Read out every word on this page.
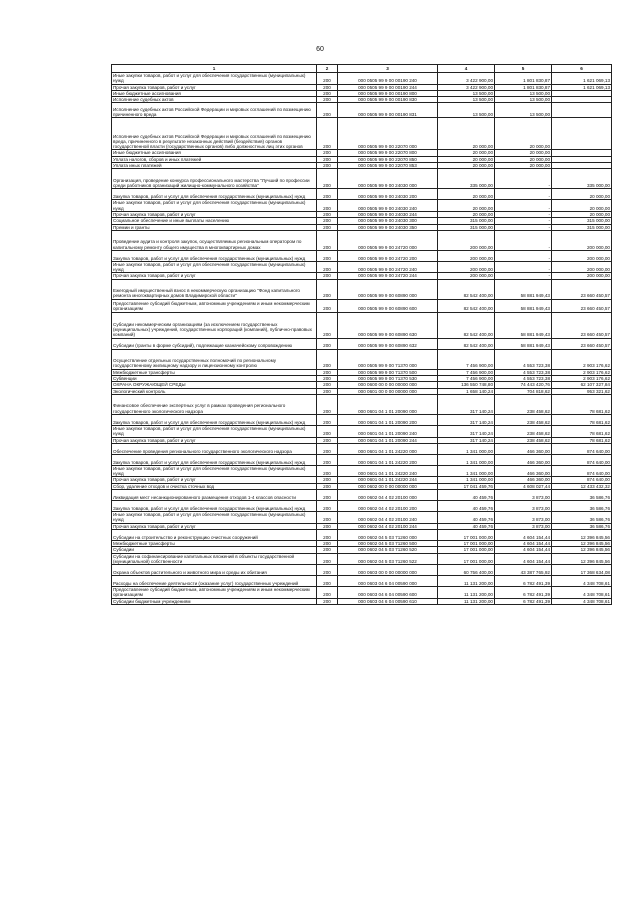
60
1	2	3	4	5	6
Иные закупки товаров, работ и услуг для обеспечения государственных (муниципальных) нужд	200	000 0505 99 9 00 00190 240	3 422 900,00	1 801 830,87	1 621 069,13
Прочая закупка товаров, работ и услуг	200	000 0505 99 9 00 00190 244	3 422 900,00	1 801 830,87	1 621 069,13
Иные бюджетные ассигнования	200	000 0505 99 9 00 00190 800	13 500,00	13 500,00	
Исполнение судебных актов	200	000 0505 99 9 00 00190 830	13 500,00	13 500,00	
Исполнение судебных актов Российской Федерации и мировых соглашений по возмещению причиненного вреда	200	000 0505 99 9 00 00190 831	13 500,00	13 500,00	
Исполнение судебных актов Российской Федерации и мировых соглашений по возмещению вреда, причиненного в результате незаконных действий (бездействия) органов государственной власти (государственных органов) либо должностных лиц этих органов	200	000 0505 99 9 00 22070 000	20 000,00	20 000,00	
Иные бюджетные ассигнования	200	000 0505 99 9 00 22070 800	20 000,00	20 000,00	
Уплата налогов, сборов и иных платежей	200	000 0505 99 9 00 22070 850	20 000,00	20 000,00	
Уплата иных платежей	200	000 0505 99 9 00 22070 853	20 000,00	20 000,00	
Организация, проведение конкурса профессионального мастерства "Лучший по профессии среди работников организаций жилищно-коммунального хозяйства"	200	000 0505 99 9 00 24030 000	335 000,00	-	335 000,00
Закупка товаров, работ и услуг для обеспечения государственных (муниципальных) нужд	200	000 0505 99 9 00 24030 200	20 000,00	-	20 000,00
Иные закупки товаров, работ и услуг для обеспечения государственных (муниципальных) нужд	200	000 0505 99 9 00 24030 240	20 000,00	-	20 000,00
Прочая закупка товаров, работ и услуг	200	000 0505 99 9 00 24030 244	20 000,00	-	20 000,00
Социальное обеспечение и иные выплаты населению	200	000 0505 99 9 00 24030 300	315 000,00	-	315 000,00
Премии и гранты	200	000 0505 99 9 00 24030 350	315 000,00	-	315 000,00
Проведение аудита и контроля закупок, осуществляемых региональным оператором по капитальному ремонту общего имущества в многоквартирных домах	200	000 0505 99 9 00 24720 000	200 000,00	-	200 000,00
Закупка товаров, работ и услуг для обеспечения государственных (муниципальных) нужд	200	000 0505 99 9 00 24720 200	200 000,00	-	200 000,00
Иные закупки товаров, работ и услуг для обеспечения государственных (муниципальных) нужд	200	000 0505 99 9 00 24720 240	200 000,00	-	200 000,00
Прочая закупка товаров, работ и услуг	200	000 0505 99 9 00 24720 244	200 000,00	-	200 000,00
Ежегодный имущественный взнос в некоммерческую организацию "Фонд капитального ремонта многоквартирных домов Владимирской области"	200	000 0505 99 9 00 60890 000	82 542 400,00	58 881 949,43	23 660 450,57
Предоставление субсидий бюджетным, автономным учреждениям и иным некоммерческим организациям	200	000 0505 99 9 00 60890 600	82 542 400,00	58 881 949,43	23 660 450,57
Субсидии некоммерческим организациям (за исключением государственных (муниципальных) учреждений, государственных корпораций (компаний), публично-правовых компаний)	200	000 0505 99 9 00 60890 630	82 542 400,00	58 881 949,43	23 660 450,57
Субсидии (гранты в форме субсидий), подлежащие казначейскому сопровождению	200	000 0505 99 9 00 60890 632	82 542 400,00	58 881 949,43	23 660 450,57
Осуществление отдельных государственных полномочий по региональному государственному жилищному надзору и лицензионному контролю	200	000 0505 99 9 00 71370 000	7 456 900,00	4 553 723,38	2 903 176,62
Межбюджетные трансферты	200	000 0505 99 9 00 71370 500	7 456 900,00	4 553 723,38	2 903 176,62
Субвенции	200	000 0505 99 9 00 71370 530	7 456 900,00	4 553 723,38	2 903 176,62
ОХРАНА ОКРУЖАЮЩЕЙ СРЕДЫ	200	000 0600 00 0 00 00000 000	136 550 748,80	74 443 420,76	62 107 327,84
Экологический контроль	200	000 0601 00 0 00 00000 000	1 658 140,24	704 818,62	953 321,62
Финансовое обеспечение экспертных услуг в рамках проведения регионального государственного экологического надзора	200	000 0601 04 1 01 20090 000	317 140,24	238 458,62	78 681,62
Закупка товаров, работ и услуг для обеспечения государственных (муниципальных) нужд	200	000 0601 04 1 01 20090 200	317 140,24	238 458,62	78 681,62
Иные закупки товаров, работ и услуг для обеспечения государственных (муниципальных) нужд	200	000 0601 04 1 01 20090 240	317 140,24	238 458,62	78 681,62
Прочая закупка товаров, работ и услуг	200	000 0601 04 1 01 20090 244	317 140,24	238 458,62	78 681,62
Обеспечение проведения регионального государственного экологического надзора	200	000 0601 04 1 01 24220 000	1 341 000,00	466 360,00	874 640,00
Закупка товаров, работ и услуг для обеспечения государственных (муниципальных) нужд	200	000 0601 04 1 01 24220 200	1 341 000,00	466 360,00	874 640,00
Иные закупки товаров, работ и услуг для обеспечения государственных (муниципальных) нужд	200	000 0601 04 1 01 24220 240	1 341 000,00	466 360,00	874 640,00
Прочая закупка товаров, работ и услуг	200	000 0601 04 1 01 24220 244	1 341 000,00	466 360,00	874 640,00
Сбор, удаление отходов и очистка сточных вод	200	000 0602 00 0 00 00000 000	17 041 459,76	4 608 027,44	12 433 432,32
Ликвидация мест несанкционированного размещения отходов 1-4 классов опасности	200	000 0602 04 4 02 20100 000	40 459,76	3 873,00	36 586,76
Закупка товаров, работ и услуг для обеспечения государственных (муниципальных) нужд	200	000 0602 04 4 02 20100 200	40 459,76	3 873,00	36 586,76
Иные закупки товаров, работ и услуг для обеспечения государственных (муниципальных) нужд	200	000 0602 04 4 02 20100 240	40 459,76	3 873,00	36 586,76
Прочая закупка товаров, работ и услуг	200	000 0602 04 4 02 20100 244	40 459,76	3 873,00	36 586,76
Субсидии на строительство и реконструкцию очистных сооружений	200	000 0602 04 5 03 71260 000	17 001 000,00	4 604 154,44	12 396 845,56
Межбюджетные трансферты	200	000 0602 04 5 03 71260 500	17 001 000,00	4 604 154,44	12 396 845,56
Субсидии	200	000 0602 04 5 03 71260 520	17 001 000,00	4 604 154,44	12 396 845,56
Субсидии на софинансирование капитальных вложений в объекты государственной (муниципальной) собственности	200	000 0602 04 5 03 71260 522	17 001 000,00	4 604 154,44	12 396 845,56
Охрана объектов растительного и животного мира и среды их обитания	200	000 0603 00 0 00 00000 000	60 756 400,00	43 387 765,92	17 368 634,08
Расходы на обеспечение деятельности (оказание услуг) государственных учреждений	200	000 0603 04 6 04 00590 000	11 131 200,00	6 782 491,39	4 348 708,61
Предоставление субсидий бюджетным, автономным учреждениям и иным некоммерческим организациям	200	000 0603 04 6 04 00590 600	11 131 200,00	6 782 491,39	4 348 708,61
Субсидии бюджетным учреждениям	200	000 0603 04 6 04 00590 610	11 131 200,00	6 782 491,39	4 348 708,61
